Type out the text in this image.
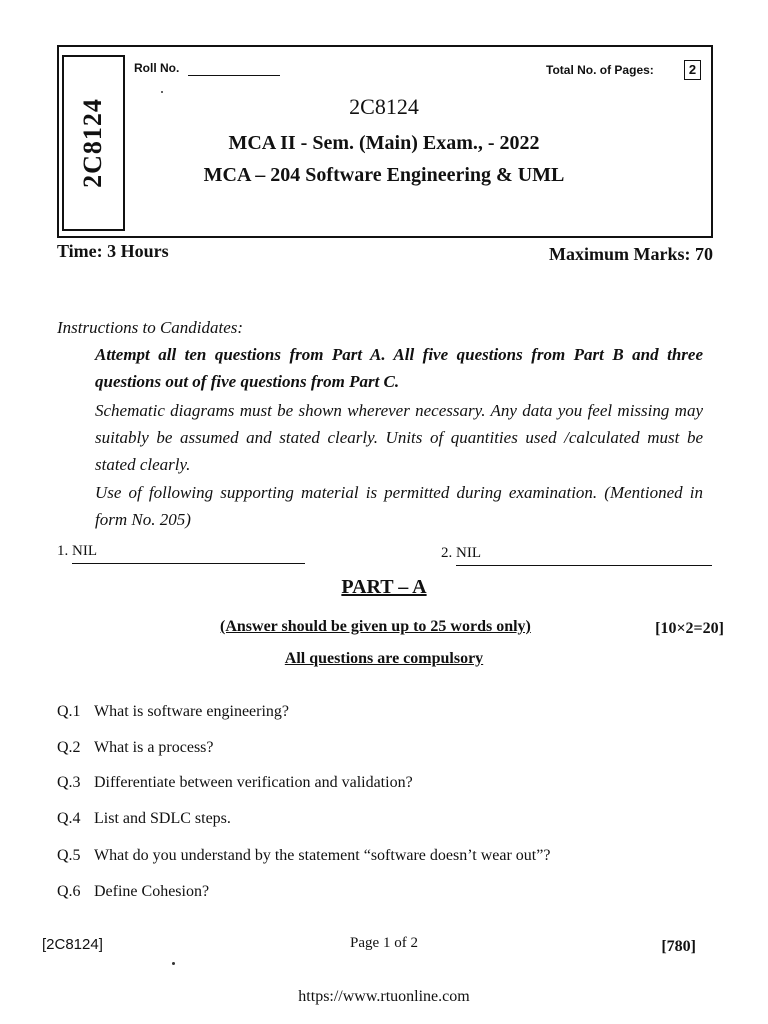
2C8124
Roll No.	Total No. of Pages:	2
2C8124
MCA II - Sem. (Main) Exam., - 2022
MCA – 204 Software Engineering & UML
Time: 3 Hours	Maximum Marks: 70
Instructions to Candidates:
Attempt all ten questions from Part A. All five questions from Part B and three questions out of five questions from Part C.
Schematic diagrams must be shown wherever necessary. Any data you feel missing may suitably be assumed and stated clearly. Units of quantities used /calculated must be stated clearly.
Use of following supporting material is permitted during examination. (Mentioned in form No. 205)
1. NIL	2. NIL
PART – A
(Answer should be given up to 25 words only)	[10×2=20]
All questions are compulsory
Q.1 What is software engineering?
Q.2 What is a process?
Q.3 Differentiate between verification and validation?
Q.4 List and SDLC steps.
Q.5 What do you understand by the statement “software doesn’t wear out”?
Q.6 Define Cohesion?
[2C8124]	Page 1 of 2	[780]
https://www.rtuonline.com
